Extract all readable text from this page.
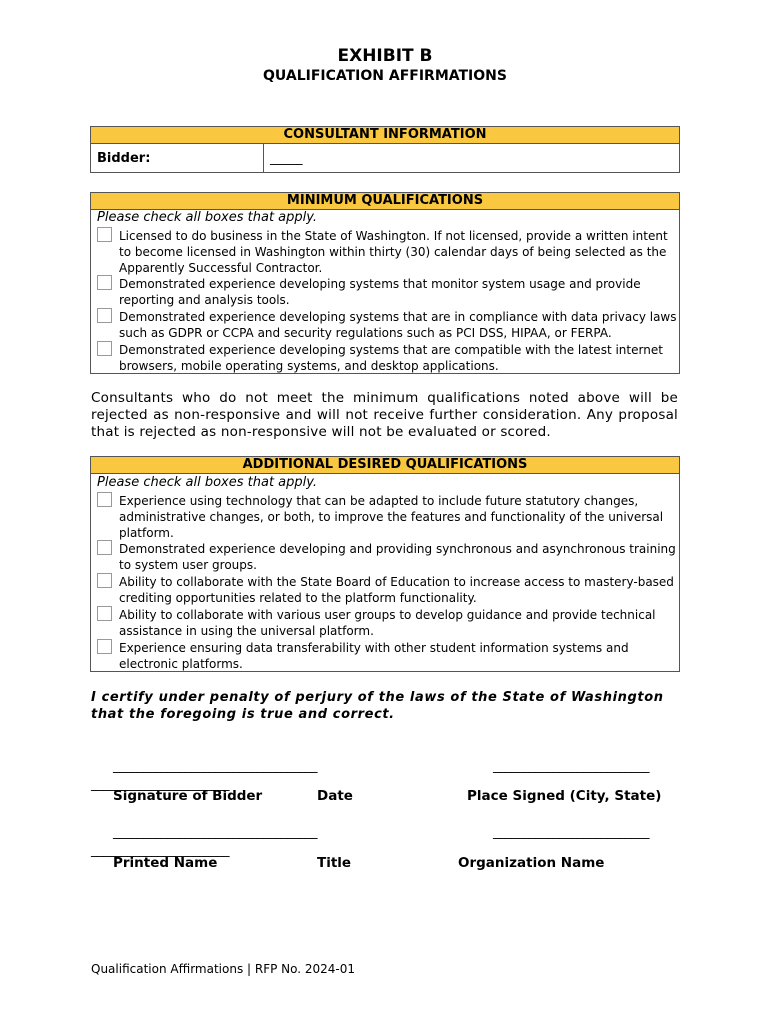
EXHIBIT B
QUALIFICATION AFFIRMATIONS
CONSULTANT INFORMATION
Bidder:	_____
MINIMUM QUALIFICATIONS
Please check all boxes that apply.
Licensed to do business in the State of Washington. If not licensed, provide a written intent to become licensed in Washington within thirty (30) calendar days of being selected as the Apparently Successful Contractor.
Demonstrated experience developing systems that monitor system usage and provide reporting and analysis tools.
Demonstrated experience developing systems that are in compliance with data privacy laws such as GDPR or CCPA and security regulations such as PCI DSS, HIPAA, or FERPA.
Demonstrated experience developing systems that are compatible with the latest internet browsers, mobile operating systems, and desktop applications.
Consultants who do not meet the minimum qualifications noted above will be rejected as non-responsive and will not receive further consideration. Any proposal that is rejected as non-responsive will not be evaluated or scored.
ADDITIONAL DESIRED QUALIFICATIONS
Please check all boxes that apply.
Experience using technology that can be adapted to include future statutory changes, administrative changes, or both, to improve the features and functionality of the universal platform.
Demonstrated experience developing and providing synchronous and asynchronous training to system user groups.
Ability to collaborate with the State Board of Education to increase access to mastery-based crediting opportunities related to the platform functionality.
Ability to collaborate with various user groups to develop guidance and provide technical assistance in using the universal platform.
Experience ensuring data transferability with other student information systems and electronic platforms.
I certify under penalty of perjury of the laws of the State of Washington that the foregoing is true and correct.
__________________________________
_______________________
__________________________
Signature of Bidder	Date	Place Signed (City, State)
__________________________________
_______________________
__________________________
Printed Name	Title	Organization Name
Qualification Affirmations | RFP No. 2024-01
